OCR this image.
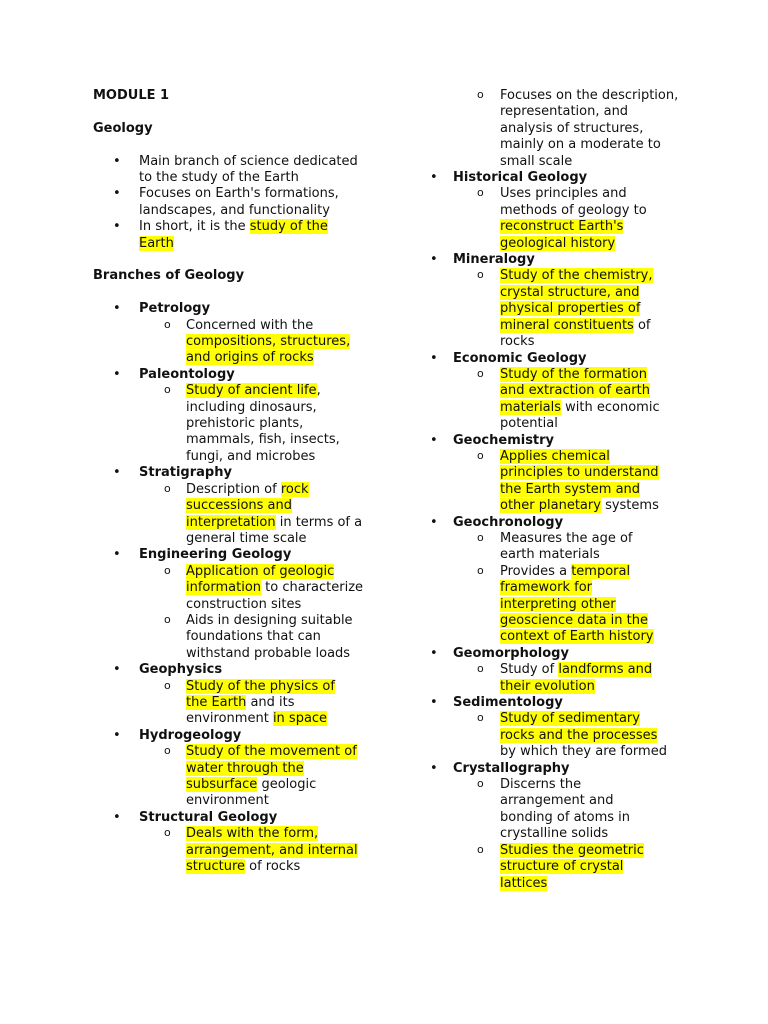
MODULE 1
Geology
• Main branch of science dedicated to the study of the Earth
• Focuses on Earth's formations, landscapes, and functionality
• In short, it is the study of the Earth
Branches of Geology
• Petrology
o Concerned with the compositions, structures, and origins of rocks
• Paleontology
o Study of ancient life, including dinosaurs, prehistoric plants, mammals, fish, insects, fungi, and microbes
• Stratigraphy
o Description of rock successions and interpretation in terms of a general time scale
• Engineering Geology
o Application of geologic information to characterize construction sites
o Aids in designing suitable foundations that can withstand probable loads
• Geophysics
o Study of the physics of the Earth and its environment in space
• Hydrogeology
o Study of the movement of water through the subsurface geologic environment
• Structural Geology
o Deals with the form, arrangement, and internal structure of rocks
o Focuses on the description, representation, and analysis of structures, mainly on a moderate to small scale
• Historical Geology
o Uses principles and methods of geology to reconstruct Earth's geological history
• Mineralogy
o Study of the chemistry, crystal structure, and physical properties of mineral constituents of rocks
• Economic Geology
o Study of the formation and extraction of earth materials with economic potential
• Geochemistry
o Applies chemical principles to understand the Earth system and other planetary systems
• Geochronology
o Measures the age of earth materials
o Provides a temporal framework for interpreting other geoscience data in the context of Earth history
• Geomorphology
o Study of landforms and their evolution
• Sedimentology
o Study of sedimentary rocks and the processes by which they are formed
• Crystallography
o Discerns the arrangement and bonding of atoms in crystalline solids
o Studies the geometric structure of crystal lattices
